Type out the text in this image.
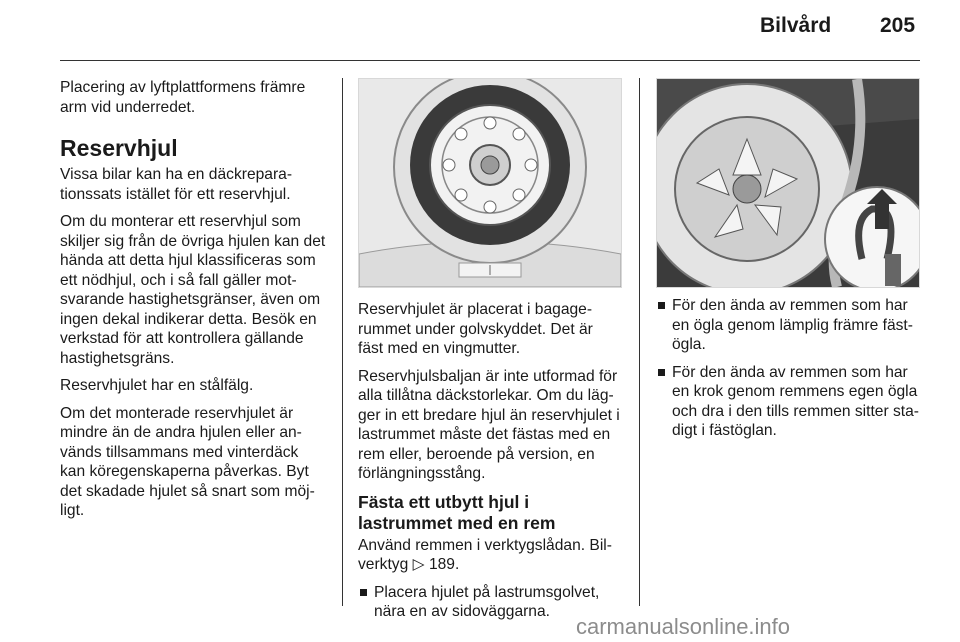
Bilvård 205

Placering av lyftplattformens främre arm vid underredet.

Reservhjul

Vissa bilar kan ha en däckreparationssats istället för ett reservhjul.

Om du monterar ett reservhjul som skiljer sig från de övriga hjulen kan det hända att detta hjul klassificeras som ett nödhjul, och i så fall gäller motsvarande hastighetsgränser, även om ingen dekal indikerar detta. Besök en verkstad för att kontrollera gällande hastighetsgräns.

Reservhjulet har en stålfälg.

Om det monterade reservhjulet är mindre än de andra hjulen eller används tillsammans med vinterdäck kan köregenskaperna påverkas. Byt det skadade hjulet så snart som möjligt.

Reservhjulet är placerat i bagagerummet under golvskyddet. Det är fäst med en vingmutter.

Reservhjulsbaljan är inte utformad för alla tillåtna däckstorlekar. Om du lägger in ett bredare hjul än reservhjulet i lastrummet måste det fästas med en rem eller, beroende på version, en förlängningsstång.

Fästa ett utbytt hjul i lastrummet med en rem

Använd remmen i verktygslådan. Bilverktyg ▷ 189.

Placera hjulet på lastrumsgolvet, nära en av sidoväggarna.
För den ända av remmen som har en ögla genom lämplig främre fästögla.
För den ända av remmen som har en krok genom remmens egen ögla och dra i den tills remmen sitter stadigt i fästöglan.
carmanualsonline.info
